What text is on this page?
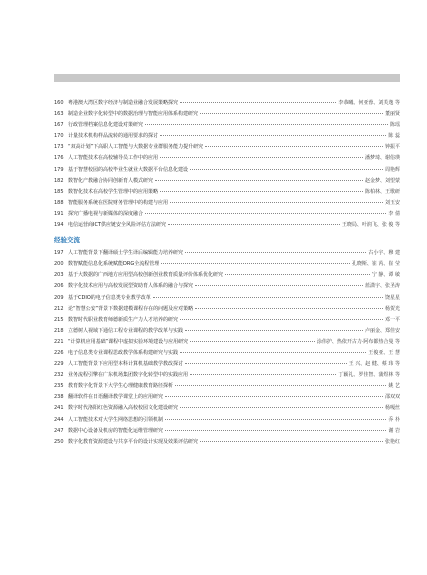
160 粤港澳大湾区数字经济与制造业融合发展策略探究	李恭曦、何亚蓉、刘芙逸 等
163 制造企业数字化转型中的数据治理与智能应用体系构建研究	董丽贤
167 行政管理档案信息化建设对策研究	陈瑶
170 计量技术机构样品流转的通用要求的探讨	陈 蕊
173 “双高计划”下高职人工智能与大数据专业群服务能力提升研究	钟振平
176 人工智能技术在高校辅导员工作中的应用	潘梦琦、谢俗瑛
179 基于智慧校园的高校毕业生就业大数据平台信息化建设	周艳辉
182 数智化产教融合协同创新育人模式研究	赵金梦、刘望蒙
185 数智化技术在高校学生管理中的应用策略	陈柏林、王歌研
188 智能服务系统在医院财务管理中的构建与应用	刘玉安
191 探究广播电视与新媒体的深度融合	李 倩
194 电信运营商ICT供应链安全风险评估方法研究	王晓局、叶润飞、张 俊 等
经验交流
197 人工智能背景下翻译硕士学生译后编辑能力培养研究	古小宇、穆 建
200 数智赋能信息化系统赋能DRG全流程管理	孔晓斯、崔 芮、崔 莹
203 基于大数据的广西地方应用型高校创新创业教育质量评价体系优化研究	宁 静、谭 敏
206 数字化技术应用与高校发展型资助育人体系的融合与探究	蓝潇宇、张圣涛
209 基于CDIO的电子信息类专业教学改革	饶星星
212 论“智慧公安”背景下数据建模课程存在的问题及应对策略	杨贺光
215 数智时代职业教育师德新质生产力人才培养的研究	邓一平
218 立德树人视域下通信工程专业课程的教学改革与实践	卢丽金、郑佳安
221 “计算机应用基础”课程中虚拟实验环境建设与应用研究	涂伟护、热依开古力·阿布都热合曼 等
226 电子信息类专业课程思政教学体系构建研究与实践	王俊亚、王 慧
229 人工智能背景下应用型本科计算机基础教学教改探讨	王 兴、赵 健、蔡 玮 等
232 业务流程引擎在广东机场集团数字化转型中的实践应用	丁颖礼、罗佳智、蒲煜林 等
235 教育数字化背景下大学生心理健康教育路径探析	姚 艺
238 翻译软件在日语翻译教学课堂上的应用研究	邵双双
241 数字时代洛阳红色资源融入高校校园文化建设研究	杨嘎丝
244 人工智能技术对大学生网络思想的引领机制	乔 朴
247 数据中心设备及机房的智能化运维管理研究	谢 岩
250 数字化教育资源建设与共享平台的设计实现及效果评估研究	张艳红
